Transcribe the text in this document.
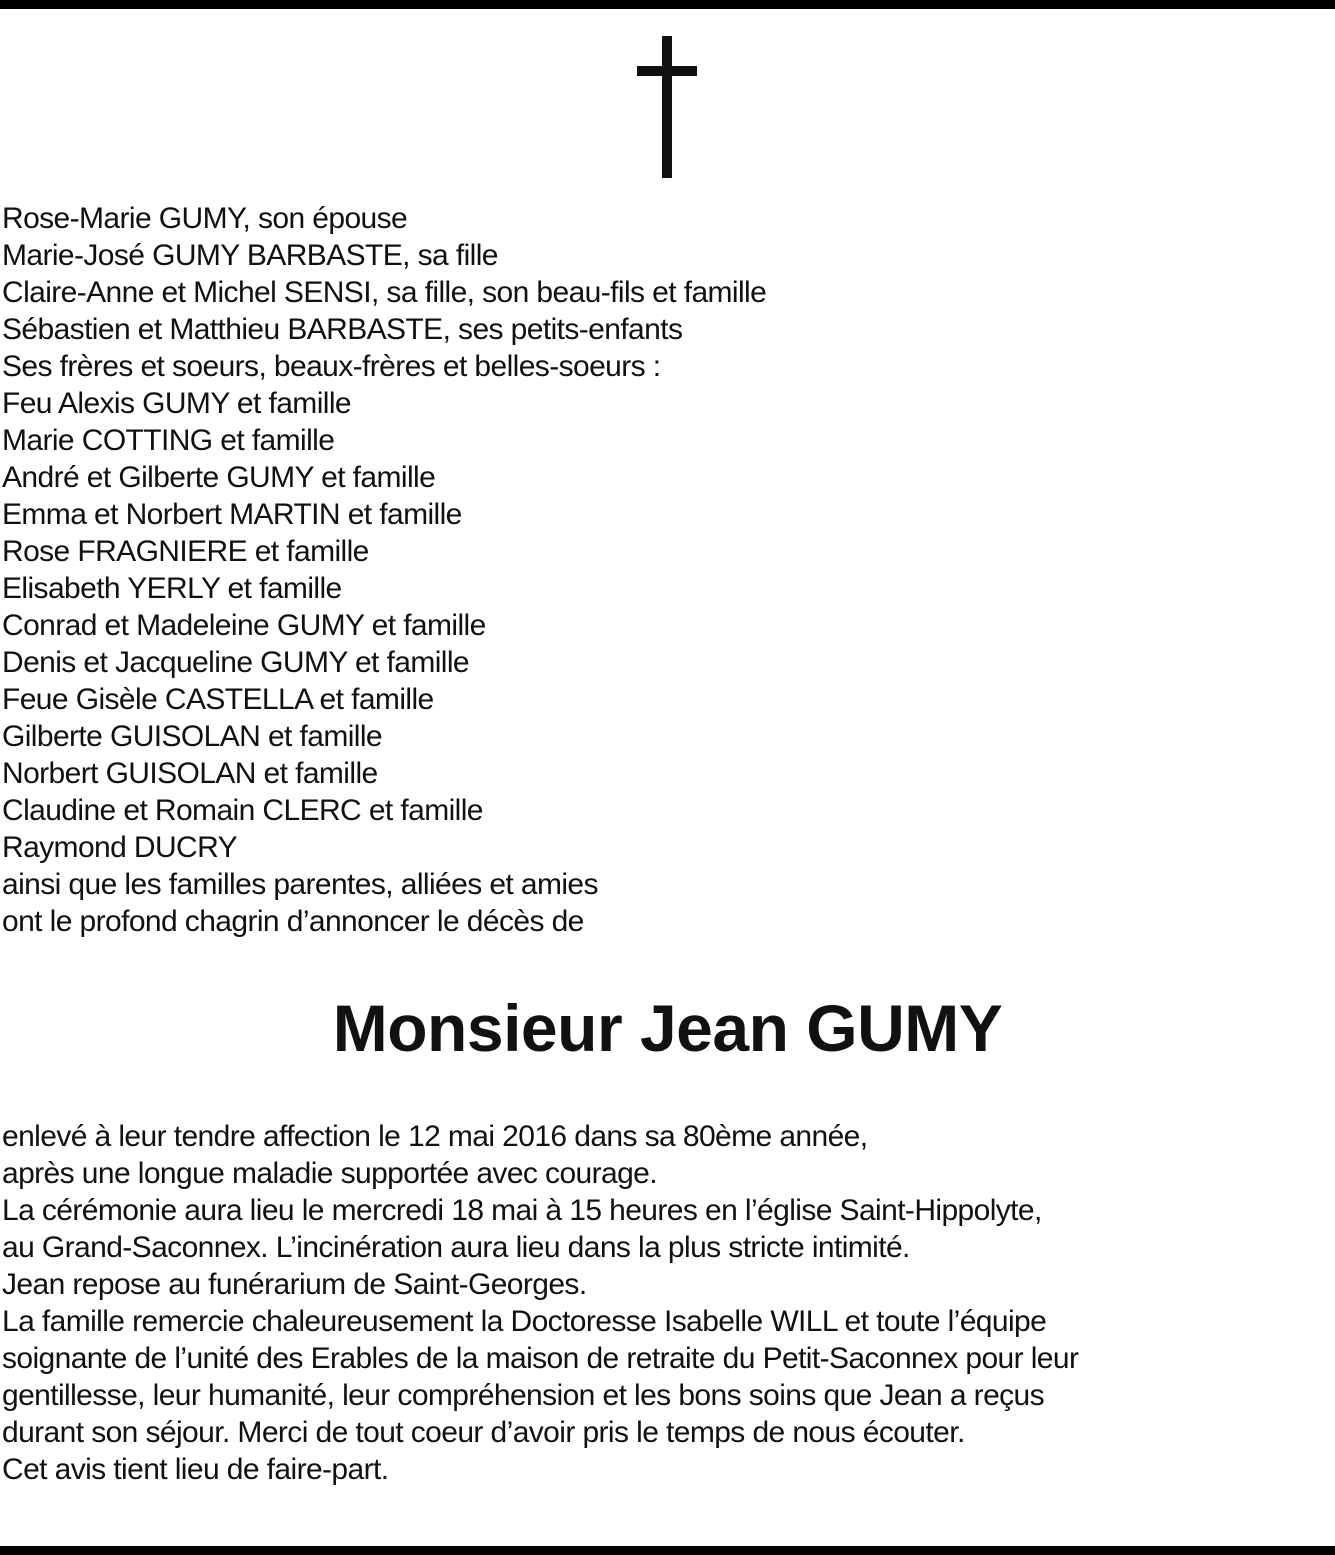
Rose-Marie GUMY, son épouse
Marie-José GUMY BARBASTE, sa fille
Claire-Anne et Michel SENSI, sa fille, son beau-fils et famille
Sébastien et Matthieu BARBASTE, ses petits-enfants
Ses frères et soeurs, beaux-frères et belles-soeurs :
Feu Alexis GUMY et famille
Marie COTTING et famille
André et Gilberte GUMY et famille
Emma et Norbert MARTIN et famille
Rose FRAGNIERE et famille
Elisabeth YERLY et famille
Conrad et Madeleine GUMY et famille
Denis et Jacqueline GUMY et famille
Feue Gisèle CASTELLA et famille
Gilberte GUISOLAN et famille
Norbert GUISOLAN et famille
Claudine et Romain CLERC et famille
Raymond DUCRY
ainsi que les familles parentes, alliées et amies
ont le profond chagrin d’annoncer le décès de
Monsieur Jean GUMY
enlevé à leur tendre affection le 12 mai 2016 dans sa 80ème année,
après une longue maladie supportée avec courage.
La cérémonie aura lieu le mercredi 18 mai à 15 heures en l’église Saint-Hippolyte,
au Grand-Saconnex. L’incinération aura lieu dans la plus stricte intimité.
Jean repose au funérarium de Saint-Georges.
La famille remercie chaleureusement la Doctoresse Isabelle WILL et toute l’équipe
soignante de l’unité des Erables de la maison de retraite du Petit-Saconnex pour leur
gentillesse, leur humanité, leur compréhension et les bons soins que Jean a reçus
durant son séjour. Merci de tout coeur d’avoir pris le temps de nous écouter.
Cet avis tient lieu de faire-part.
